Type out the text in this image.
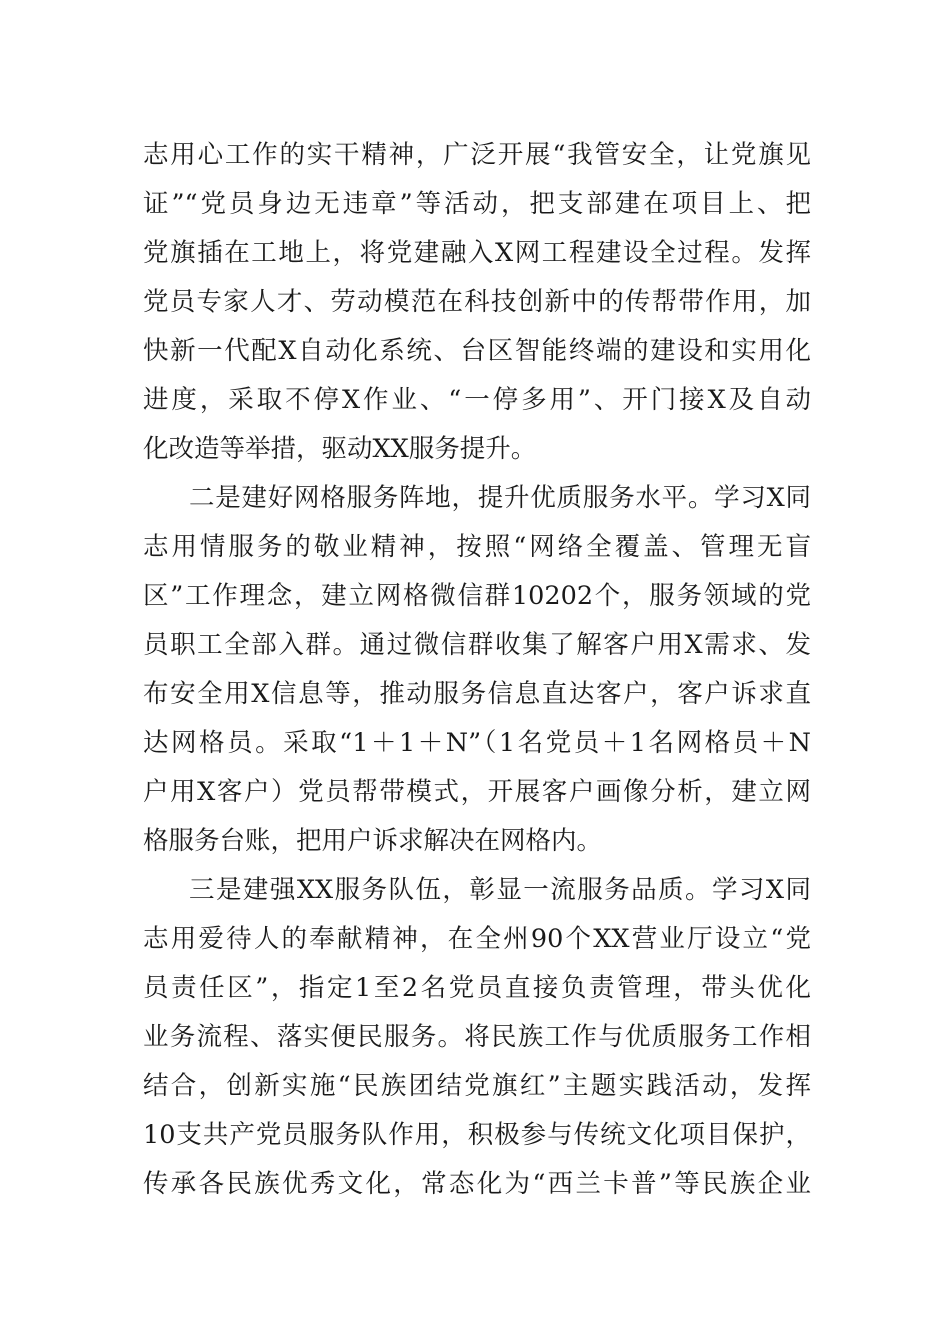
志用心工作的实干精神，广泛开展“我管安全，让党旗见
证”“党员身边无违章”等活动，把支部建在项目上、把
党旗插在工地上，将党建融入X网工程建设全过程。发挥
党员专家人才、劳动模范在科技创新中的传帮带作用，加
快新一代配X自动化系统、台区智能终端的建设和实用化
进度，采取不停X作业、“一停多用”、开门接X及自动
化改造等举措，驱动XX服务提升。
二是建好网格服务阵地，提升优质服务水平。学习X同
志用情服务的敬业精神，按照“网络全覆盖、管理无盲
区”工作理念，建立网格微信群10202个，服务领域的党
员职工全部入群。通过微信群收集了解客户用X需求、发
布安全用X信息等，推动服务信息直达客户，客户诉求直
达网格员。采取“1＋1＋N”（1名党员＋1名网格员＋N
户用X客户）党员帮带模式，开展客户画像分析，建立网
格服务台账，把用户诉求解决在网格内。
三是建强XX服务队伍，彰显一流服务品质。学习X同
志用爱待人的奉献精神，在全州90个XX营业厅设立“党
员责任区”，指定1至2名党员直接负责管理，带头优化
业务流程、落实便民服务。将民族工作与优质服务工作相
结合，创新实施“民族团结党旗红”主题实践活动，发挥
10支共产党员服务队作用，积极参与传统文化项目保护，
传承各民族优秀文化，常态化为“西兰卡普”等民族企业
